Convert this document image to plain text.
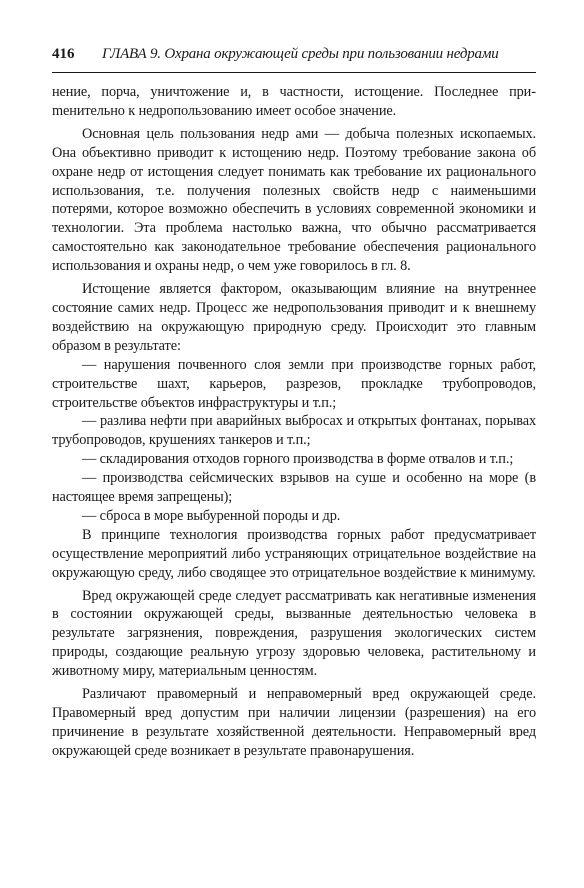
416 ГЛАВА 9. Охрана окружающей среды при пользовании недрами

нение, порча, уничтожение и, в частности, истощение. Последнее приmенительно к недропользованию имеет особое значение.

Основная цель пользования недр ами — добыча полезных ископаемых. Она объективно приводит к истощению недр. Поэтому требование закона об охране недр от истощения следует понимать как требование их рационального использования, т.е. получения полезных свойств недр с наименьшими потерями, которое возможно обеспечить в условиях современной экономики и технологии. Эта проблема настолько важна, что обычно рассматривается самостоятельно как законодательное требование обеспечения рационального использования и охраны недр, о чем уже говорилось в гл. 8.

Истощение является фактором, оказывающим влияние на внутреннее состояние самих недр. Процесс же недропользования приводит и к внешнему воздействию на окружающую природную среду. Происходит это главным образом в результате:

— нарушения почвенного слоя земли при производстве горных работ, строительстве шахт, карьеров, разрезов, прокладке трубопроводов, строительстве объектов инфраструктуры и т.п.;

— разлива нефти при аварийных выбросах и открытых фонтанах, порывах трубопроводов, крушениях танкеров и т.п.;

— складирования отходов горного производства в форме отвалов и т.п.;

— производства сейсмических взрывов на суше и особенно на море (в настоящее время запрещены);

— сброса в море выбуренной породы и др.

В принципе технология производства горных работ предусматривает осуществление мероприятий либо устраняющих отрицательное воздействие на окружающую среду, либо сводящее это отрицательное воздействие к минимуму.

Вред окружающей среде следует рассматривать как негативные изменения в состоянии окружающей среды, вызванные деятельностью человека в результате загрязнения, повреждения, разрушения экологических систем природы, создающие реальную угрозу здоровью человека, растительному и животному миру, материальным ценностям.

Различают правомерный и неправомерный вред окружающей среде. Правомерный вред допустим при наличии лицензии (разрешения) на его причинение в результате хозяйственной деятельности. Неправомерный вред окружающей среде возникает в результате правонарушения.
